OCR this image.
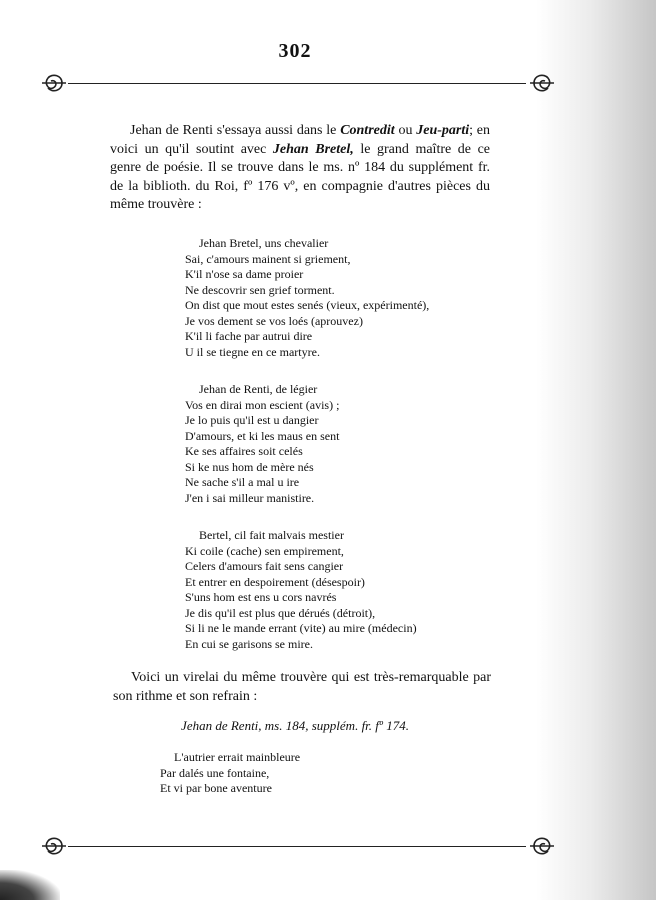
302

Jehan de Renti s'essaya aussi dans le Contredit ou Jeu-parti; en voici un qu'il soutint avec Jehan Bretel, le grand maître de ce genre de poésie. Il se trouve dans le ms. nº 184 du supplément fr. de la biblioth. du Roi, fº 176 vº, en compagnie d'autres pièces du même trouvère :

Jehan Bretel, uns chevalier
Sai, c'amours mainent si griement,
K'il n'ose sa dame proier
Ne descovrir sen grief torment.
On dist que mout estes senés (vieux, expérimenté),
Je vos dement se vos loés (aprouvez)
K'il li fache par autrui dire
U il se tiegne en ce martyre.
Jehan de Renti, de légier
Vos en dirai mon escient (avis) ;
Je lo puis qu'il est u dangier
D'amours, et ki les maus en sent
Ke ses affaires soit celés
Si ke nus hom de mère nés
Ne sache s'il a mal u ire
J'en i sai milleur manistire.
Bertel, cil fait malvais mestier
Ki coile (cache) sen empirement,
Celers d'amours fait sens cangier
Et entrer en despoirement (désespoir)
S'uns hom est ens u cors navrés
Je dis qu'il est plus que dérués (détroit),
Si li ne le mande errant (vite) au mire (médecin)
En cui se garisons se mire.

Voici un virelai du même trouvère qui est très-remarquable par son rithme et son refrain :

Jehan de Renti, ms. 184, supplém. fr. fº 174.
L'autrier errait mainbleure
Par dalés une fontaine,
Et vi par bone aventure
